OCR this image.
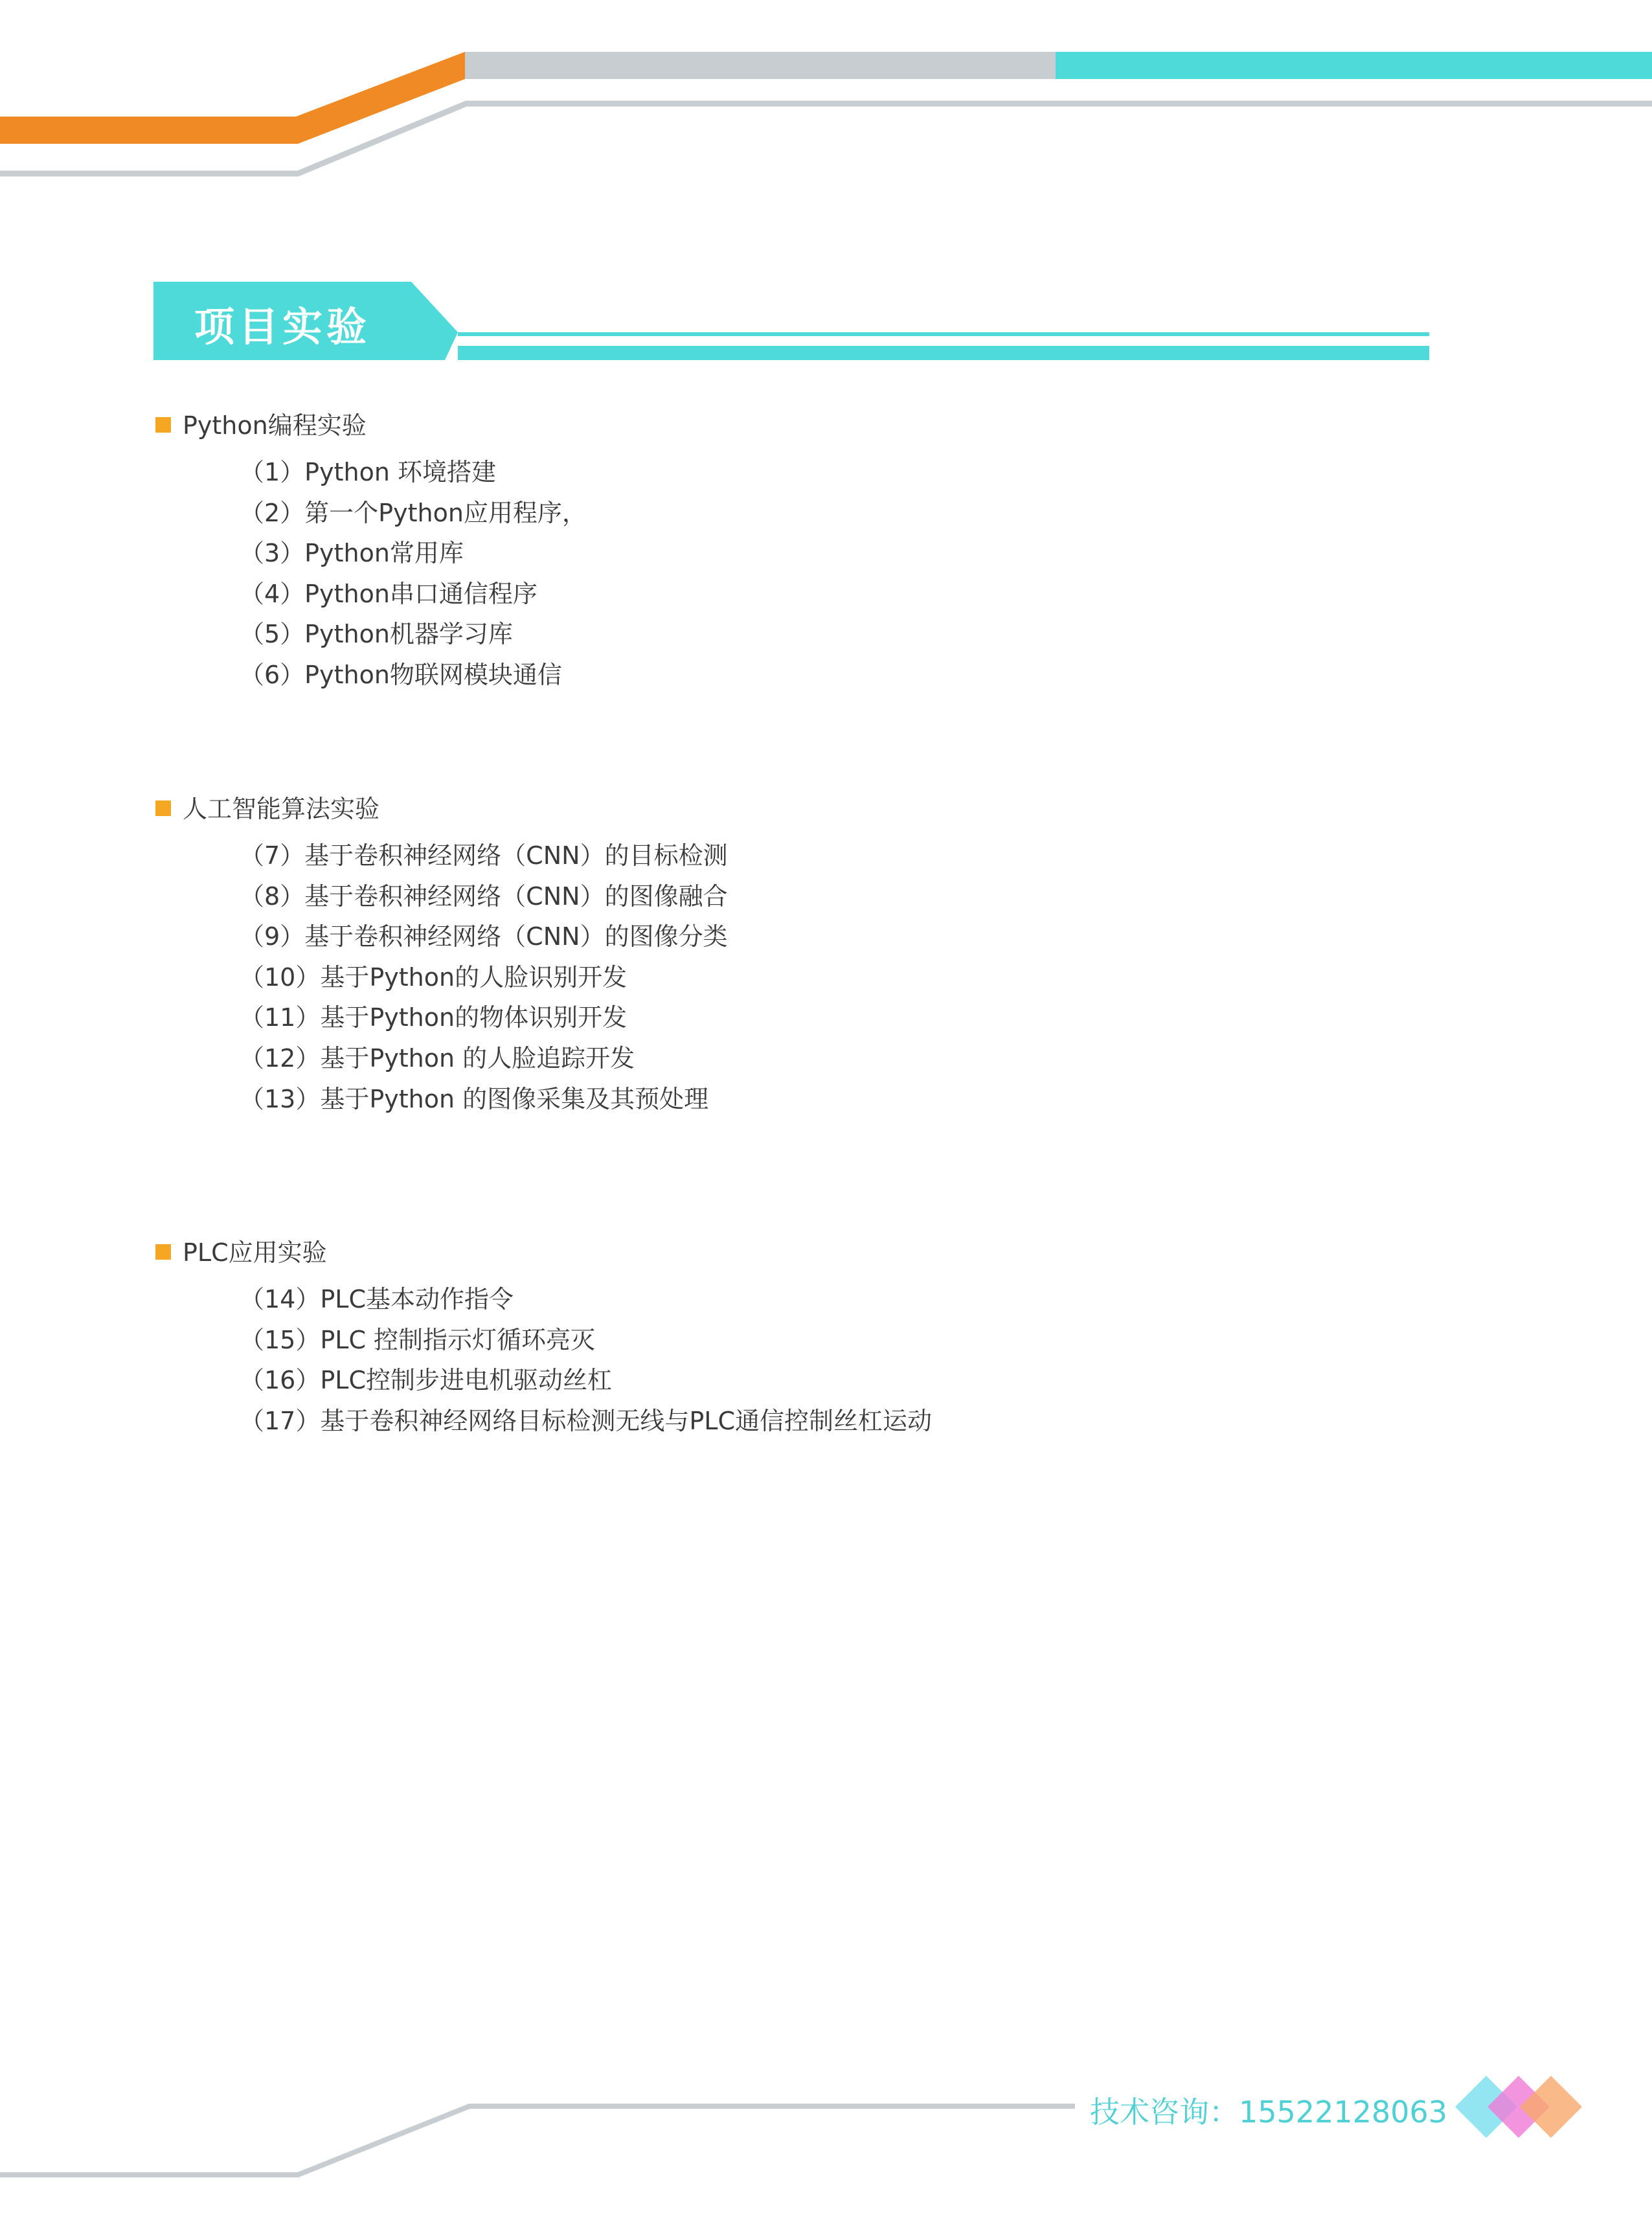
项目实验
Python编程实验
（1）Python 环境搭建
（2）第一个Python应用程序，
（3）Python常用库
（4）Python串口通信程序
（5）Python机器学习库
（6）Python物联网模块通信
人工智能算法实验
（7）基于卷积神经网络（CNN）的目标检测
（8）基于卷积神经网络（CNN）的图像融合
（9）基于卷积神经网络（CNN）的图像分类
（10）基于Python的人脸识别开发
（11）基于Python的物体识别开发
（12）基于Python 的人脸追踪开发
（13）基于Python 的图像采集及其预处理
PLC应用实验
（14）PLC基本动作指令
（15）PLC 控制指示灯循环亮灭
（16）PLC控制步进电机驱动丝杠
（17）基于卷积神经网络目标检测无线与PLC通信控制丝杠运动
技术咨询：15522128063
